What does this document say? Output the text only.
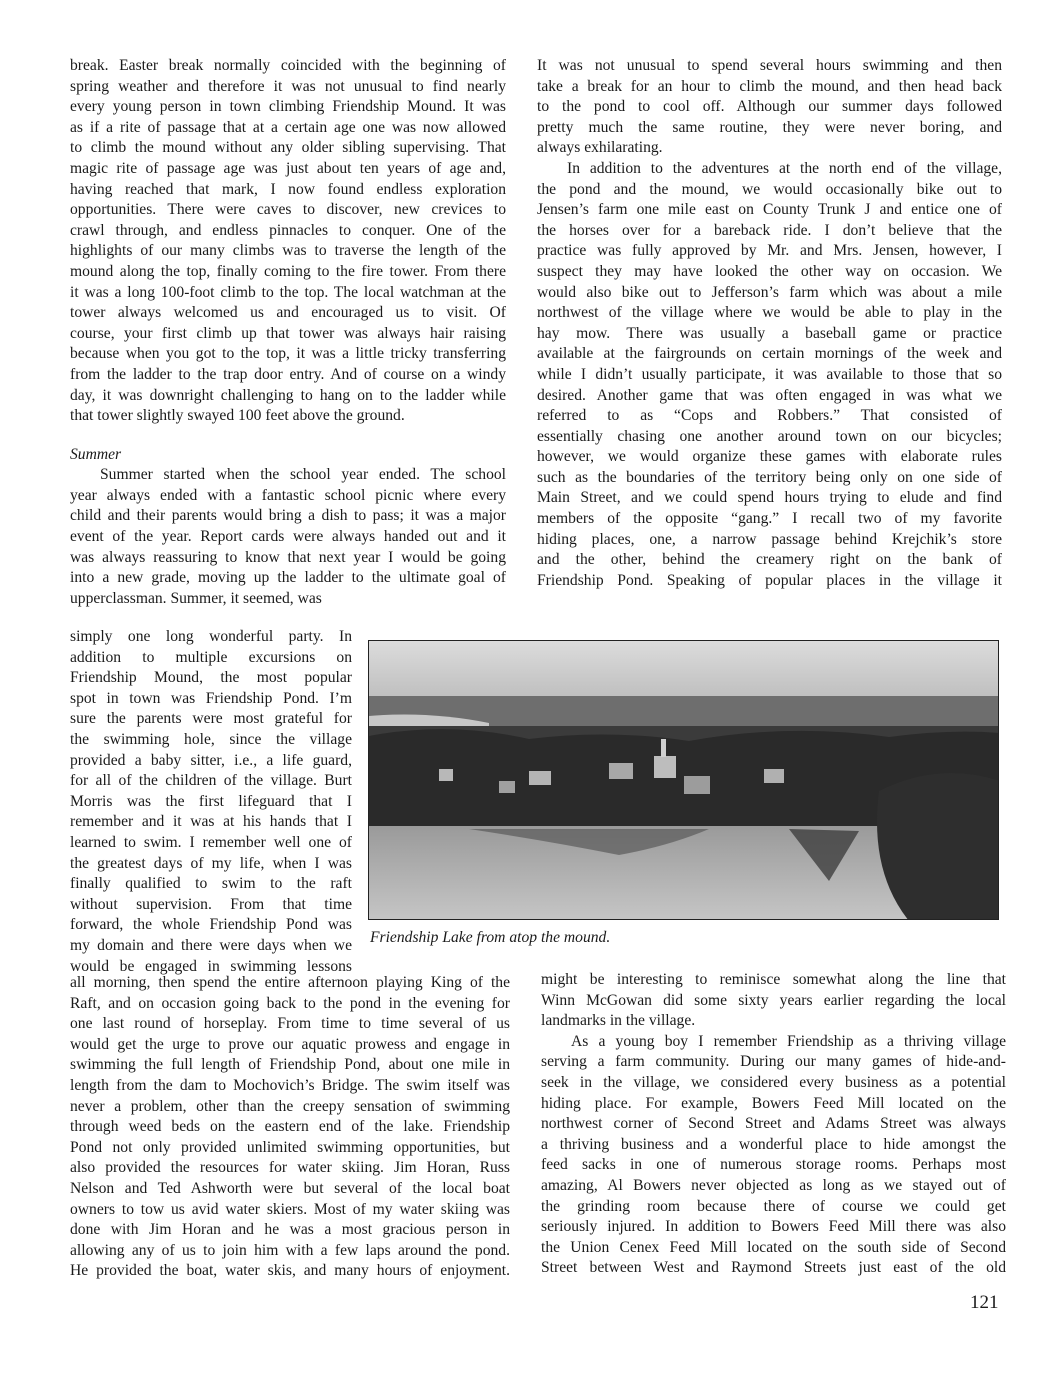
break. Easter break normally coincided with the beginning of
spring weather and therefore it was not unusual to find nearly
every young person in town climbing Friendship Mound. It was
as if a rite of passage that at a certain age one was now allowed
to climb the mound without any older sibling supervising. That
magic rite of passage age was just about ten years of age and,
having reached that mark, I now found endless exploration
opportunities. There were caves to discover, new crevices to
crawl through, and endless pinnacles to conquer. One of the
highlights of our many climbs was to traverse the length of the
mound along the top, finally coming to the fire tower. From there
it was a long 100-foot climb to the top. The local watchman at the
tower always welcomed us and encouraged us to visit. Of
course, your first climb up that tower was always hair raising
because when you got to the top, it was a little tricky transferring
from the ladder to the trap door entry. And of course on a windy
day, it was downright challenging to hang on to the ladder while
that tower slightly swayed 100 feet above the ground.

Summer

Summer started when the school year ended. The school
year always ended with a fantastic school picnic where every
child and their parents would bring a dish to pass; it was a major
event of the year. Report cards were always handed out and it
was always reassuring to know that next year I would be going
into a new grade, moving up the ladder to the ultimate goal of
upperclassman. Summer, it seemed, was
simply one long wonderful party. In
addition to multiple excursions on
Friendship Mound, the most popular
spot in town was Friendship Pond. I’m
sure the parents were most grateful for
the swimming hole, since the village
provided a baby sitter, i.e., a life guard,
for all of the children of the village. Burt
Morris was the first lifeguard that I
remember and it was at his hands that I
learned to swim. I remember well one of
the greatest days of my life, when I was
finally qualified to swim to the raft
without supervision. From that time
forward, the whole Friendship Pond was
my domain and there were days when we
would be engaged in swimming lessons
all morning, then spend the entire afternoon playing King of the
Raft, and on occasion going back to the pond in the evening for
one last round of horseplay. From time to time several of us
would get the urge to prove our aquatic prowess and engage in
swimming the full length of Friendship Pond, about one mile in
length from the dam to Mochovich’s Bridge. The swim itself was
never a problem, other than the creepy sensation of swimming
through weed beds on the eastern end of the lake. Friendship
Pond not only provided unlimited swimming opportunities, but
also provided the resources for water skiing. Jim Horan, Russ
Nelson and Ted Ashworth were but several of the local boat
owners to tow us avid water skiers. Most of my water skiing was
done with Jim Horan and he was a most gracious person in
allowing any of us to join him with a few laps around the pond.
He provided the boat, water skis, and many hours of enjoyment.
It was not unusual to spend several hours swimming and then
take a break for an hour to climb the mound, and then head back
to the pond to cool off. Although our summer days followed
pretty much the same routine, they were never boring, and
always exhilarating.
In addition to the adventures at the north end of the village,
the pond and the mound, we would occasionally bike out to
Jensen’s farm one mile east on County Trunk J and entice one of
the horses over for a bareback ride. I don’t believe that the
practice was fully approved by Mr. and Mrs. Jensen, however, I
suspect they may have looked the other way on occasion. We
would also bike out to Jefferson’s farm which was about a mile
northwest of the village where we would be able to play in the
hay mow. There was usually a baseball game or practice
available at the fairgrounds on certain mornings of the week and
while I didn’t usually participate, it was available to those that so
desired. Another game that was often engaged in was what we
referred to as “Cops and Robbers.” That consisted of
essentially chasing one another around town on our bicycles;
however, we would organize these games with elaborate rules
such as the boundaries of the territory being only on one side of
Main Street, and we could spend hours trying to elude and find
members of the opposite “gang.” I recall two of my favorite
hiding places, one, a narrow passage behind Krejchik’s store
and the other, behind the creamery right on the bank of
Friendship Pond. Speaking of popular places in the village it
Friendship Lake from atop the mound.
might be interesting to reminisce somewhat along the line that
Winn McGowan did some sixty years earlier regarding the local
landmarks in the village.
As a young boy I remember Friendship as a thriving village
serving a farm community. During our many games of hide-and-
seek in the village, we considered every business as a potential
hiding place. For example, Bowers Feed Mill located on the
northwest corner of Second Street and Adams Street was always
a thriving business and a wonderful place to hide amongst the
feed sacks in one of numerous storage rooms. Perhaps most
amazing, Al Bowers never objected as long as we stayed out of
the grinding room because there of course we could get
seriously injured. In addition to Bowers Feed Mill there was also
the Union Cenex Feed Mill located on the south side of Second
Street between West and Raymond Streets just east of the old
121
